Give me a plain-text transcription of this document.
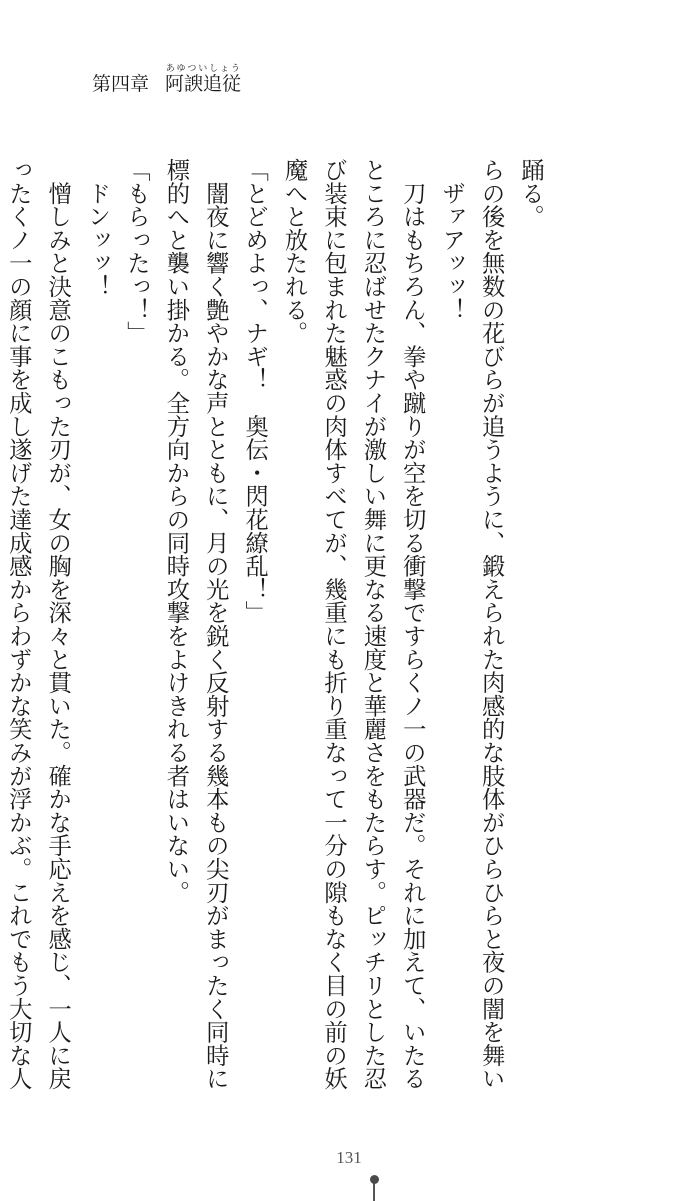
第四章 阿諛追従あゆついしょう
踊る。
らの後を無数の花びらが追うように、鍛えられた肉感的な肢体がひらひらと夜の闇を舞い
　ザァアッッ！
　刀はもちろん、拳や蹴りが空を切る衝撃ですらくノ一の武器だ。それに加えて、いたる
ところに忍ばせたクナイが激しい舞に更なる速度と華麗さをもたらす。ピッチリとした忍
び装束に包まれた魅惑の肉体すべてが、幾重にも折り重なって一分の隙もなく目の前の妖
魔へと放たれる。
「とどめよっ、ナギ！　奥伝・閃花繚乱！」
　闇夜に響く艶やかな声とともに、月の光を鋭く反射する幾本もの尖刃がまったく同時に
標的へと襲い掛かる。全方向からの同時攻撃をよけきれる者はいない。
「もらったっ！」
　ドンッッ！
　憎しみと決意のこもった刃が、女の胸を深々と貫いた。確かな手応えを感じ、一人に戻
ったくノ一の顔に事を成し遂げた達成感からわずかな笑みが浮かぶ。これでもう大切な人
131
